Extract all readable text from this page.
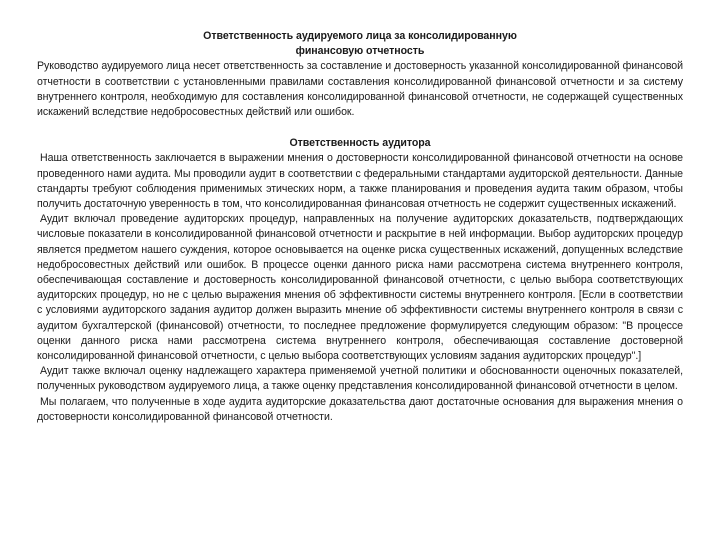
Ответственность аудируемого лица за консолидированную финансовую отчетность

Руководство аудируемого лица несет ответственность за составление и достоверность указанной консолидированной финансовой отчетности в соответствии с установленными правилами составления консолидированной финансовой отчетности и за систему внутреннего контроля, необходимую для составления консолидированной финансовой отчетности, не содержащей существенных искажений вследствие недобросовестных действий или ошибок.

Ответственность аудитора

Наша ответственность заключается в выражении мнения о достоверности консолидированной финансовой отчетности на основе проведенного нами аудита. Мы проводили аудит в соответствии с федеральными стандартами аудиторской деятельности. Данные стандарты требуют соблюдения применимых этических норм, а также планирования и проведения аудита таким образом, чтобы получить достаточную уверенность в том, что консолидированная финансовая отчетность не содержит существенных искажений.

Аудит включал проведение аудиторских процедур, направленных на получение аудиторских доказательств, подтверждающих числовые показатели в консолидированной финансовой отчетности и раскрытие в ней информации. Выбор аудиторских процедур является предметом нашего суждения, которое основывается на оценке риска существенных искажений, допущенных вследствие недобросовестных действий или ошибок. В процессе оценки данного риска нами рассмотрена система внутреннего контроля, обеспечивающая составление и достоверность консолидированной финансовой отчетности, с целью выбора соответствующих аудиторских процедур, но не с целью выражения мнения об эффективности системы внутреннего контроля. [Если в соответствии с условиями аудиторского задания аудитор должен выразить мнение об эффективности системы внутреннего контроля в связи с аудитом бухгалтерской (финансовой) отчетности, то последнее предложение формулируется следующим образом: "В процессе оценки данного риска нами рассмотрена система внутреннего контроля, обеспечивающая составление достоверной консолидированной финансовой отчетности, с целью выбора соответствующих условиям задания аудиторских процедур".]

Аудит также включал оценку надлежащего характера применяемой учетной политики и обоснованности оценочных показателей, полученных руководством аудируемого лица, а также оценку представления консолидированной финансовой отчетности в целом.

Мы полагаем, что полученные в ходе аудита аудиторские доказательства дают достаточные основания для выражения мнения о достоверности консолидированной финансовой отчетности.
